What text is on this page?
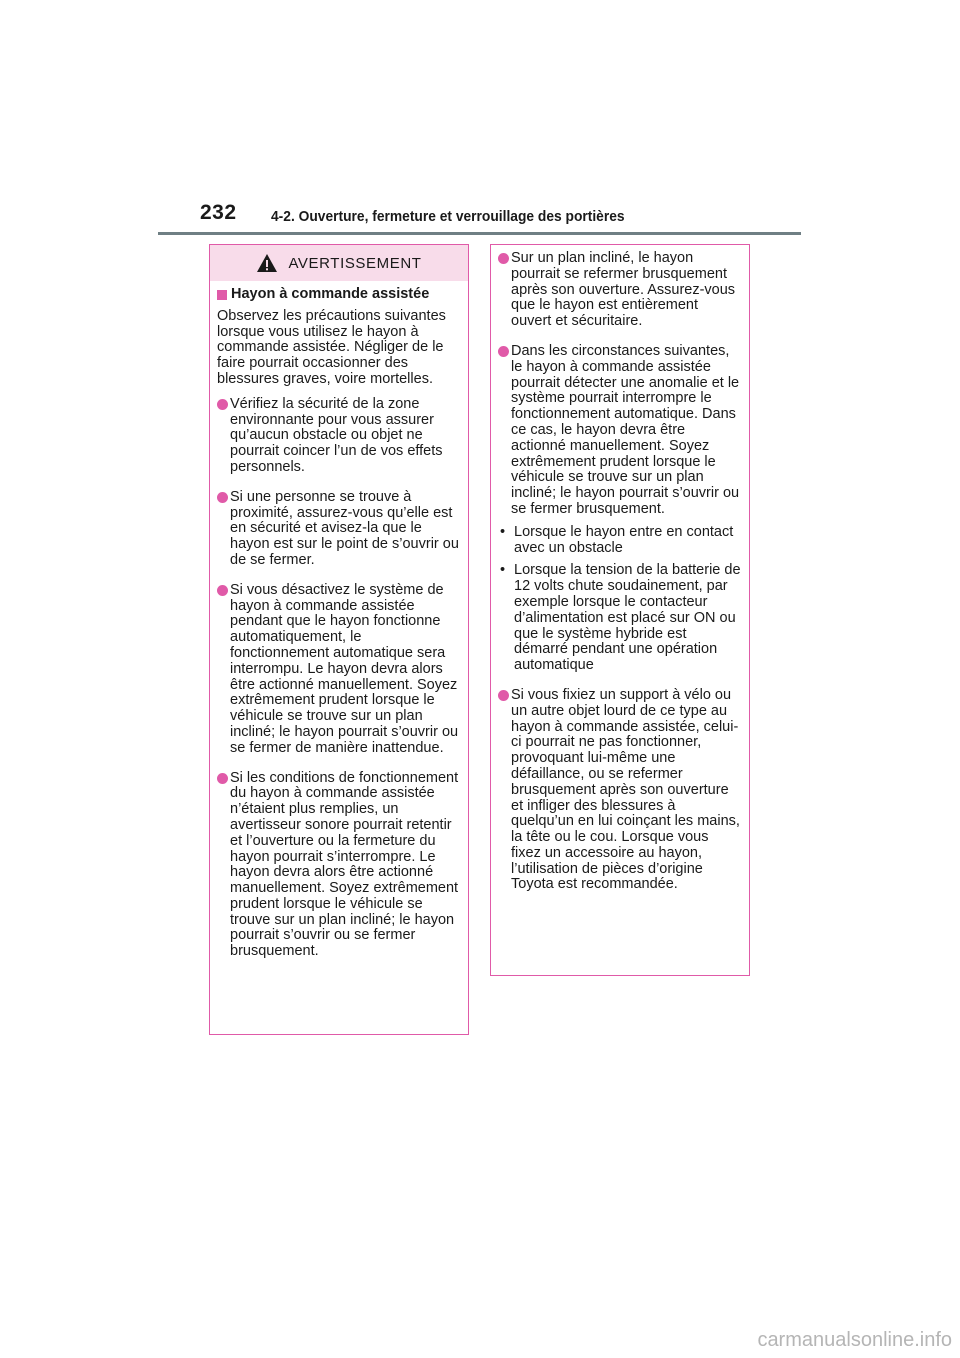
232 4-2. Ouverture, fermeture et verrouillage des portières
AVERTISSEMENT
Hayon à commande assistée

Observez les précautions suivantes lorsque vous utilisez le hayon à commande assistée. Négliger de le faire pourrait occasionner des blessures graves, voire mortelles.

Vérifiez la sécurité de la zone environnante pour vous assurer qu’aucun obstacle ou objet ne pourrait coincer l’un de vos effets personnels.
Si une personne se trouve à proximité, assurez-vous qu’elle est en sécurité et avisez-la que le hayon est sur le point de s’ouvrir ou de se fermer.
Si vous désactivez le système de hayon à commande assistée pendant que le hayon fonctionne automatiquement, le fonctionnement automatique sera interrompu. Le hayon devra alors être actionné manuellement. Soyez extrêmement prudent lorsque le véhicule se trouve sur un plan incliné; le hayon pourrait s’ouvrir ou se fermer de manière inattendue.
Si les conditions de fonctionnement du hayon à commande assistée n’étaient plus remplies, un avertisseur sonore pourrait retentir et l’ouverture ou la fermeture du hayon pourrait s’interrompre. Le hayon devra alors être actionné manuellement. Soyez extrêmement prudent lorsque le véhicule se trouve sur un plan incliné; le hayon pourrait s’ouvrir ou se fermer brusquement.
Sur un plan incliné, le hayon pourrait se refermer brusquement après son ouverture. Assurez-vous que le hayon est entièrement ouvert et sécuritaire.
Dans les circonstances suivantes, le hayon à commande assistée pourrait détecter une anomalie et le système pourrait interrompre le fonctionnement automatique. Dans ce cas, le hayon devra être actionné manuellement. Soyez extrêmement prudent lorsque le véhicule se trouve sur un plan incliné; le hayon pourrait s’ouvrir ou se fermer brusquement.
• Lorsque le hayon entre en contact avec un obstacle
• Lorsque la tension de la batterie de 12 volts chute soudainement, par exemple lorsque le contacteur d’alimentation est placé sur ON ou que le système hybride est démarré pendant une opération automatique
Si vous fixiez un support à vélo ou un autre objet lourd de ce type au hayon à commande assistée, celui-ci pourrait ne pas fonctionner, provoquant lui-même une défaillance, ou se refermer brusquement après son ouverture et infliger des blessures à quelqu’un en lui coinçant les mains, la tête ou le cou. Lorsque vous fixez un accessoire au hayon, l’utilisation de pièces d’origine Toyota est recommandée.
carmanualsonline.info
